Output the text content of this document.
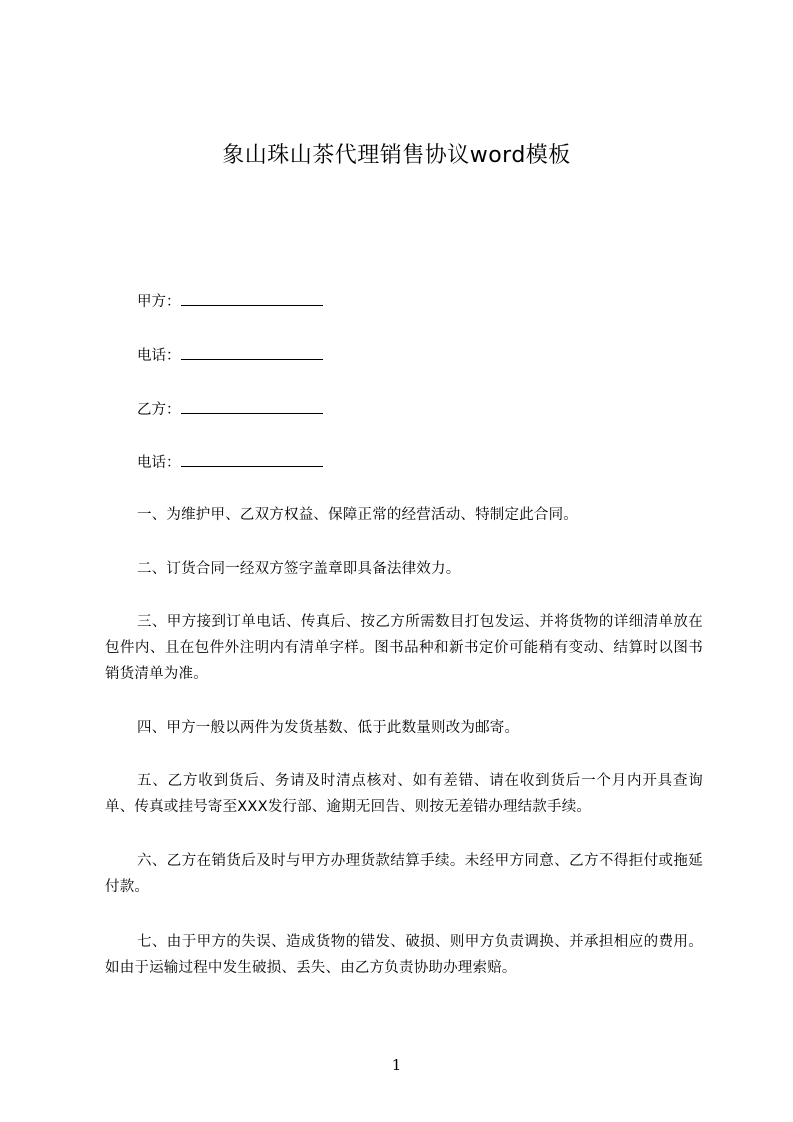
象山珠山茶代理销售协议word模板
甲方：
电话：
乙方：
电话：
一、为维护甲、乙双方权益、保障正常的经营活动、特制定此合同。
二、订货合同一经双方签字盖章即具备法律效力。
三、甲方接到订单电话、传真后、按乙方所需数目打包发运、并将货物的详细清单放在包件内、且在包件外注明内有清单字样。图书品种和新书定价可能稍有变动、结算时以图书销货清单为准。
四、甲方一般以两件为发货基数、低于此数量则改为邮寄。
五、乙方收到货后、务请及时清点核对、如有差错、请在收到货后一个月内开具查询单、传真或挂号寄至XXX发行部、逾期无回告、则按无差错办理结款手续。
六、乙方在销货后及时与甲方办理货款结算手续。未经甲方同意、乙方不得拒付或拖延付款。
七、由于甲方的失误、造成货物的错发、破损、则甲方负责调换、并承担相应的费用。如由于运输过程中发生破损、丢失、由乙方负责协助办理索赔。
1
